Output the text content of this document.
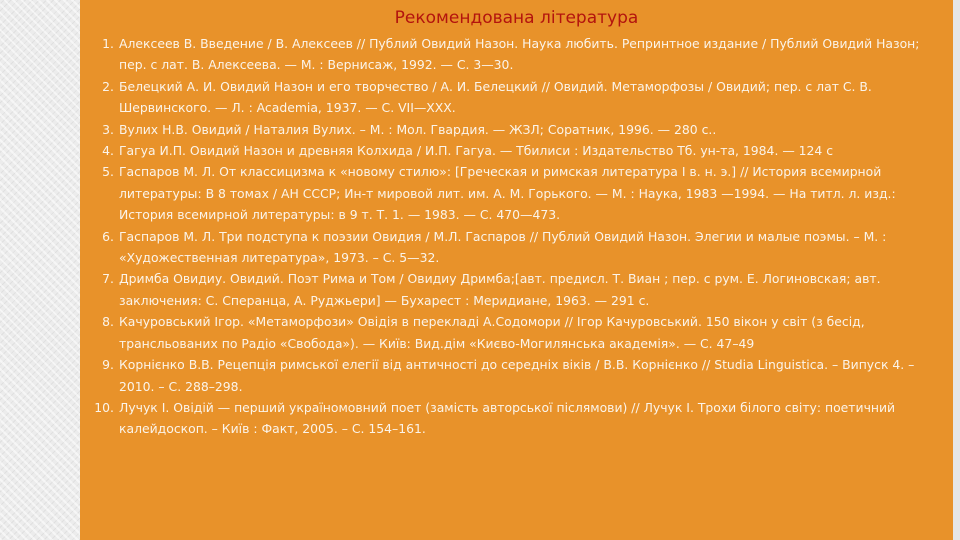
Рекомендована література
1. Алексеев В. Введение / В. Алексеев // Публий Овидий Назон. Наука любить. Репринтное издание / Публий Овидий Назон; пер. с лат. В. Алексеева. — М. : Вернисаж, 1992. — С. 3—30.
2. Белецкий А. И. Овидий Назон и его творчество / А. И. Белецкий // Овидий. Метаморфозы / Овидий; пер. с лат С. В. Шервинского. — Л. : Academia, 1937. — С. VII—XXX.
3. Вулих Н.В. Овидий / Наталия Вулих. – М. : Мол. Гвардия. — ЖЗЛ; Соратник, 1996. — 280 с..
4. Гагуа И.П. Овидий Назон и древняя Колхида / И.П. Гагуа. — Тбилиси : Издательство Тб. ун-та, 1984. — 124 с
5. Гаспаров М. Л. От классицизма к «новому стилю»: [Греческая и римская литература I в. н. э.] // История всемирной литературы: В 8 томах / АН СССР; Ин-т мировой лит. им. А. М. Горького. — М. : Наука, 1983 —1994. — На титл. л. изд.: История всемирной литературы: в 9 т. Т. 1. — 1983. — С. 470—473.
6. Гаспаров М. Л. Три подступа к поэзии Овидия / М.Л. Гаспаров // Публий Овидий Назон. Элегии и малые поэмы. – М. : «Художественная литература», 1973. – С. 5—32.
7. Дримба Овидиу. Овидий. Поэт Рима и Том / Овидиу Дримба;[авт. предисл. Т. Виан ; пер. с рум. Е. Логиновская; авт. заключения: С. Сперанца, А. Руджьери] — Бухарест : Меридиане, 1963. — 291 с.
8. Качуровський Ігор. «Метаморфози» Овідія в перекладі А.Содомори // Ігор Качуровський. 150 вікон у світ (з бесід, трансльованих по Радіо «Свобода»). — Київ: Вид.дім «Києво-Могилянська академія». — С. 47–49
9. Корнієнко В.В. Рецепція римської елегії від античності до середніх віків / В.В. Корнієнко // Studia Linguistica. – Випуск 4. – 2010. – С. 288–298.
10. Лучук І. Овідій — перший україномовний поет (замість авторської післямови) // Лучук І. Трохи білого світу: поетичний калейдоскоп. – Київ : Факт, 2005. – С. 154–161.
